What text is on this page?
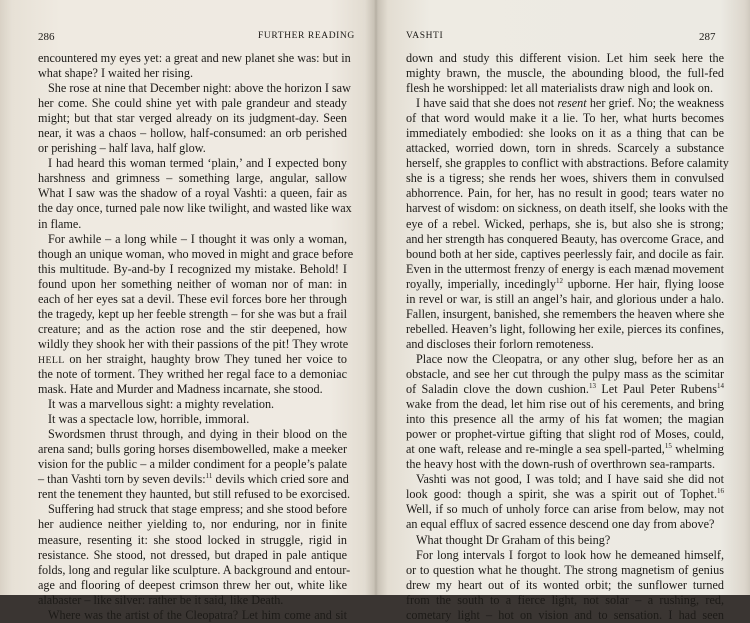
286	FURTHER READING
encountered my eyes yet: a great and new planet she was: but in
what shape? I waited her rising.
She rose at nine that December night: above the horizon I saw
her come. She could shine yet with pale grandeur and steady
might; but that star verged already on its judgment-day. Seen
near, it was a chaos – hollow, half-consumed: an orb perished
or perishing – half lava, half glow.
I had heard this woman termed ‘plain,’ and I expected bony
harshness and grimness – something large, angular, sallow
What I saw was the shadow of a royal Vashti: a queen, fair as
the day once, turned pale now like twilight, and wasted like wax
in flame.
For awhile – a long while – I thought it was only a woman,
though an unique woman, who moved in might and grace before
this multitude. By-and-by I recognized my mistake. Behold! I
found upon her something neither of woman nor of man: in
each of her eyes sat a devil. These evil forces bore her through
the tragedy, kept up her feeble strength – for she was but a frail
creature; and as the action rose and the stir deepened, how
wildly they shook her with their passions of the pit! They wrote
HELL on her straight, haughty brow They tuned her voice to
the note of torment. They writhed her regal face to a demoniac
mask. Hate and Murder and Madness incarnate, she stood.
It was a marvellous sight: a mighty revelation.
It was a spectacle low, horrible, immoral.
Swordsmen thrust through, and dying in their blood on the
arena sand; bulls goring horses disembowelled, make a meeker
vision for the public – a milder condiment for a people’s palate
– than Vashti torn by seven devils:$^{11}$ devils which cried sore and
rent the tenement they haunted, but still refused to be exorcised.
Suffering had struck that stage empress; and she stood before
her audience neither yielding to, nor enduring, nor in finite
measure, resenting it: she stood locked in struggle, rigid in
resistance. She stood, not dressed, but draped in pale antique
folds, long and regular like sculpture. A background and entour-
age and flooring of deepest crimson threw her out, white like
alabaster – like silver: rather be it said, like Death.
Where was the artist of the Cleopatra? Let him come and sit
VASHTI	287
down and study this different vision. Let him seek here the
mighty brawn, the muscle, the abounding blood, the full-fed
flesh he worshipped: let all materialists draw nigh and look on.
I have said that she does not resent her grief. No; the weakness
of that word would make it a lie. To her, what hurts becomes
immediately embodied: she looks on it as a thing that can be
attacked, worried down, torn in shreds. Scarcely a substance
herself, she grapples to conflict with abstractions. Before calamity
she is a tigress; she rends her woes, shivers them in convulsed
abhorrence. Pain, for her, has no result in good; tears water no
harvest of wisdom: on sickness, on death itself, she looks with the
eye of a rebel. Wicked, perhaps, she is, but also she is strong;
and her strength has conquered Beauty, has overcome Grace, and
bound both at her side, captives peerlessly fair, and docile as fair.
Even in the uttermost frenzy of energy is each mænad movement
royally, imperially, incedingly$^{12}$ upborne. Her hair, flying loose
in revel or war, is still an angel’s hair, and glorious under a halo.
Fallen, insurgent, banished, she remembers the heaven where she
rebelled. Heaven’s light, following her exile, pierces its confines,
and discloses their forlorn remoteness.
Place now the Cleopatra, or any other slug, before her as an
obstacle, and see her cut through the pulpy mass as the scimitar
of Saladin clove the down cushion.$^{13}$ Let Paul Peter Rubens$^{14}$
wake from the dead, let him rise out of his cerements, and bring
into this presence all the army of his fat women; the magian
power or prophet-virtue gifting that slight rod of Moses, could,
at one waft, release and re-mingle a sea spell-parted,$^{15}$ whelming
the heavy host with the down-rush of overthrown sea-ramparts.
Vashti was not good, I was told; and I have said she did not
look good: though a spirit, she was a spirit out of Tophet.$^{16}$
Well, if so much of unholy force can arise from below, may not
an equal efflux of sacred essence descend one day from above?
What thought Dr Graham of this being?
For long intervals I forgot to look how he demeaned himself,
or to question what he thought. The strong magnetism of genius
drew my heart out of its wonted orbit; the sunflower turned
from the south to a fierce light, not solar – a rushing, red,
cometary light – hot on vision and to sensation. I had seen
